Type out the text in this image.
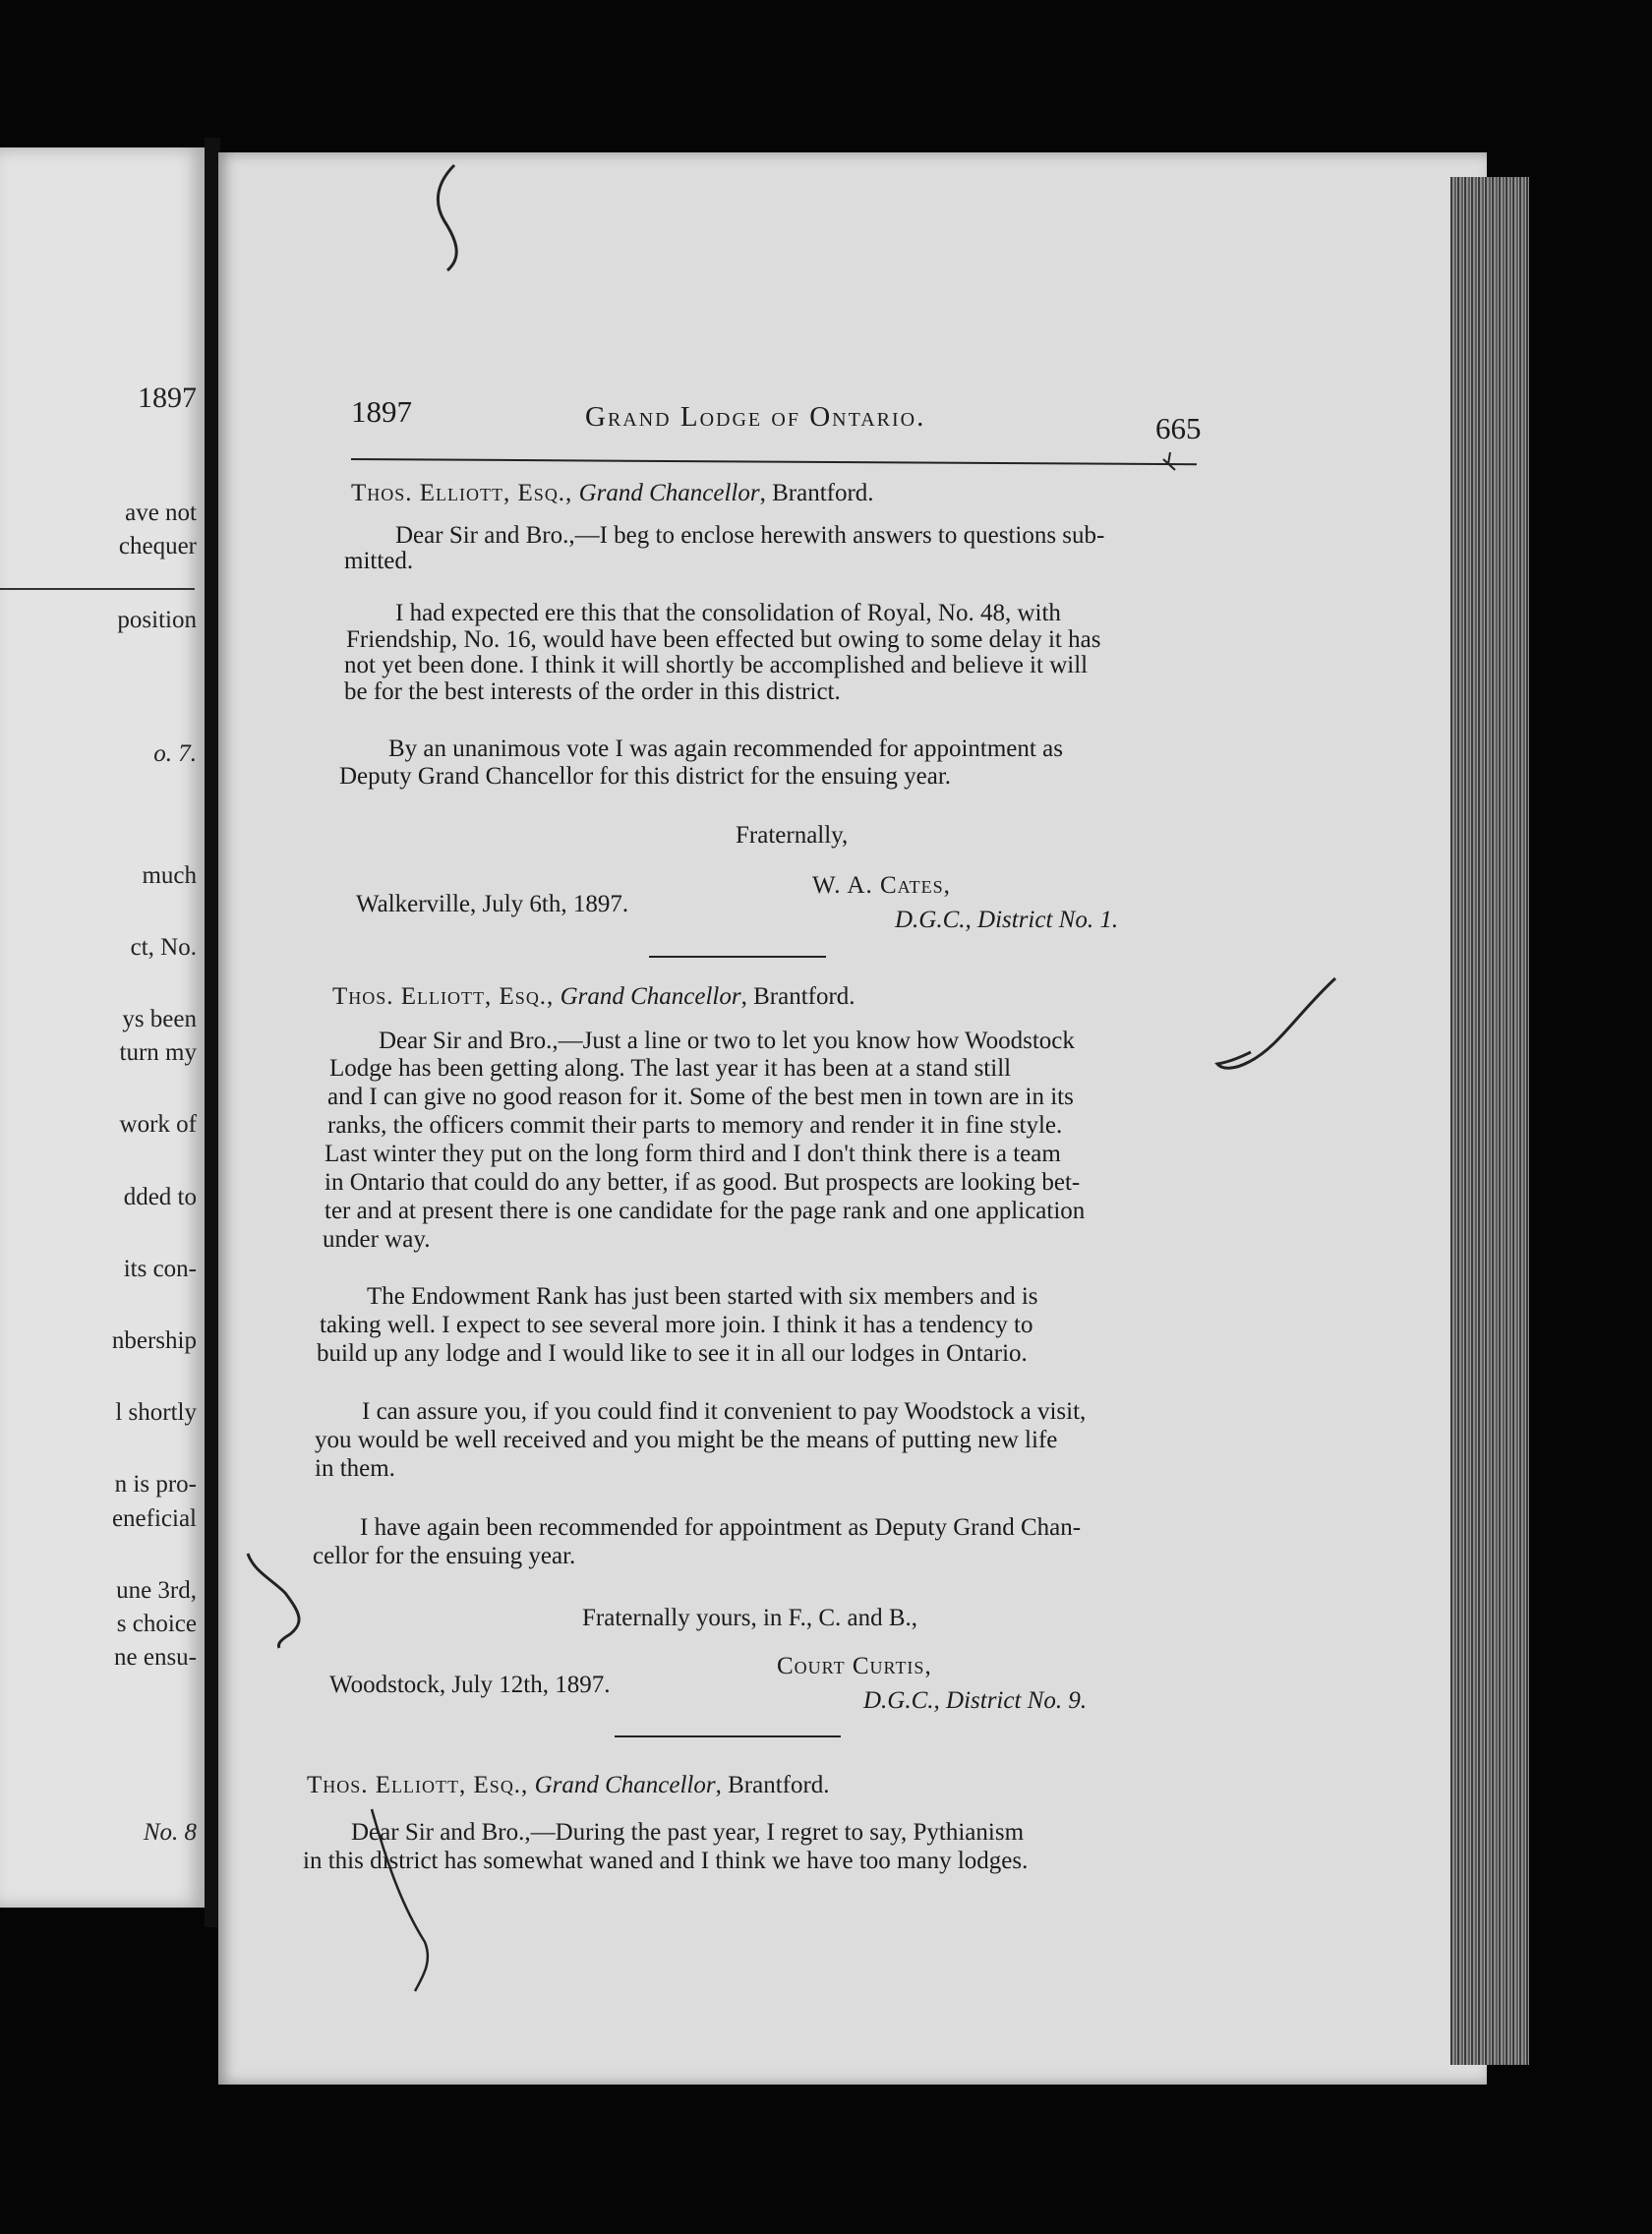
1897
ave not
chequer
position
o. 7.
much
ct, No.
ys been
turn my
work of
dded to
its con-
nbership
l shortly
n is pro-
eneficial
une 3rd,
s choice
ne ensu-
No. 8
1897	Grand Lodge of Ontario.	665
Thos. Elliott, Esq., Grand Chancellor, Brantford.
Dear Sir and Bro.,—I beg to enclose herewith answers to questions sub-
mitted.
I had expected ere this that the consolidation of Royal, No. 48, with
Friendship, No. 16, would have been effected but owing to some delay it has
not yet been done. I think it will shortly be accomplished and believe it will
be for the best interests of the order in this district.
By an unanimous vote I was again recommended for appointment as
Deputy Grand Chancellor for this district for the ensuing year.
Fraternally,
W. A. Cates,
Walkerville, July 6th, 1897.
D.G.C., District No. 1.
Thos. Elliott, Esq., Grand Chancellor, Brantford.
Dear Sir and Bro.,—Just a line or two to let you know how Woodstock
Lodge has been getting along. The last year it has been at a stand still
and I can give no good reason for it. Some of the best men in town are in its
ranks, the officers commit their parts to memory and render it in fine style.
Last winter they put on the long form third and I don't think there is a team
in Ontario that could do any better, if as good. But prospects are looking bet-
ter and at present there is one candidate for the page rank and one application
under way.
The Endowment Rank has just been started with six members and is
taking well. I expect to see several more join. I think it has a tendency to
build up any lodge and I would like to see it in all our lodges in Ontario.
I can assure you, if you could find it convenient to pay Woodstock a visit,
you would be well received and you might be the means of putting new life
in them.
I have again been recommended for appointment as Deputy Grand Chan-
cellor for the ensuing year.
Fraternally yours, in F., C. and B.,
Court Curtis,
Woodstock, July 12th, 1897.
D.G.C., District No. 9.
Thos. Elliott, Esq., Grand Chancellor, Brantford.
Dear Sir and Bro.,—During the past year, I regret to say, Pythianism
in this district has somewhat waned and I think we have too many lodges.
